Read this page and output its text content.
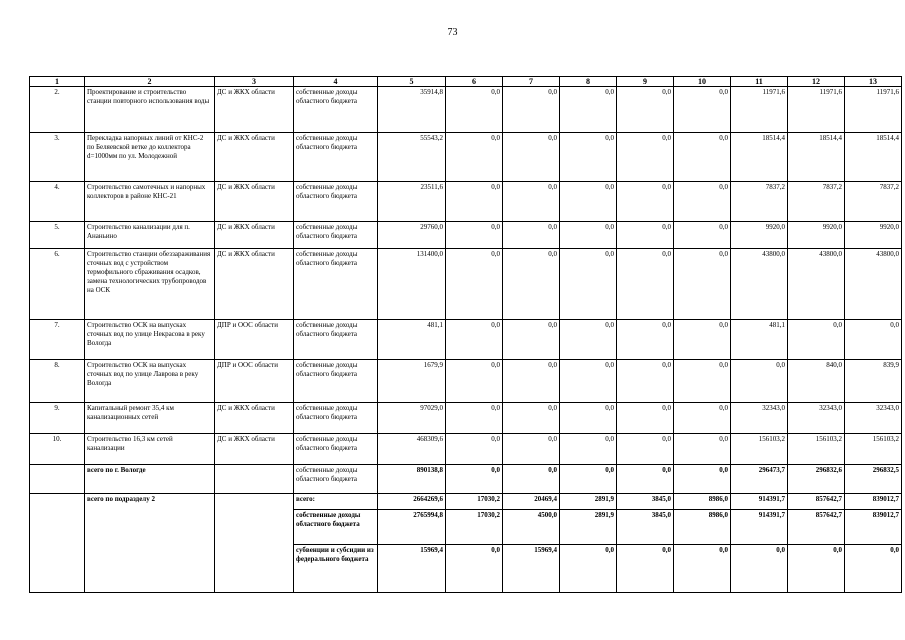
73
1	2	3	4	5	6	7	8	9	10	11	12	13
2.	Проектирование и строительство станции повторного использования воды	ДС и ЖКХ области	собственные доходы областного бюджета	35914,8	0,0	0,0	0,0	0,0	0,0	11971,6	11971,6	11971,6
3.	Перекладка напорных линий от КНС-2 по Беляевской ветке до коллектора d=1000мм по ул. Молодежной	ДС и ЖКХ области	собственные доходы областного бюджета	55543,2	0,0	0,0	0,0	0,0	0,0	18514,4	18514,4	18514,4
4.	Строительство самотечных и напорных коллекторов в районе КНС-21	ДС и ЖКХ области	собственные доходы областного бюджета	23511,6	0,0	0,0	0,0	0,0	0,0	7837,2	7837,2	7837,2
5.	Строительство канализации для п. Ананьино	ДС и ЖКХ области	собственные доходы областного бюджета	29760,0	0,0	0,0	0,0	0,0	0,0	9920,0	9920,0	9920,0
6.	Строительство станции обеззараживания сточных вод с устройством термофильного сбраживания осадков, замена технологических трубопроводов на ОСК	ДС и ЖКХ области	собственные доходы областного бюджета	131400,0	0,0	0,0	0,0	0,0	0,0	43800,0	43800,0	43800,0
7.	Строительство ОСК на выпусках сточных вод по улице Некрасова в реку Вологда	ДПР и ООС области	собственные доходы областного бюджета	481,1	0,0	0,0	0,0	0,0	0,0	481,1	0,0	0,0
8.	Строительство ОСК на выпусках сточных вод по улице Лаврова в реку Вологда	ДПР и ООС области	собственные доходы областного бюджета	1679,9	0,0	0,0	0,0	0,0	0,0	0,0	840,0	839,9
9.	Капитальный ремонт 35,4 км канализационных сетей	ДС и ЖКХ области	собственные доходы областного бюджета	97029,0	0,0	0,0	0,0	0,0	0,0	32343,0	32343,0	32343,0
10.	Строительство 16,3 км сетей канализации	ДС и ЖКХ области	собственные доходы областного бюджета	468309,6	0,0	0,0	0,0	0,0	0,0	156103,2	156103,2	156103,2
	всего по г. Вологде		собственные доходы областного бюджета	890138,8	0,0	0,0	0,0	0,0	0,0	296473,7	296832,6	296832,5
	всего по подразделу 2		всего:	2664269,6	17030,2	20469,4	2891,9	3845,0	8986,0	914391,7	857642,7	839012,7
			собственные доходы областного бюджета	2765994,8	17030,2	4500,0	2891,9	3845,0	8986,0	914391,7	857642,7	839012,7
			субвенции и субсидии из федерального бюджета	15969,4	0,0	15969,4	0,0	0,0	0,0	0,0	0,0	0,0
